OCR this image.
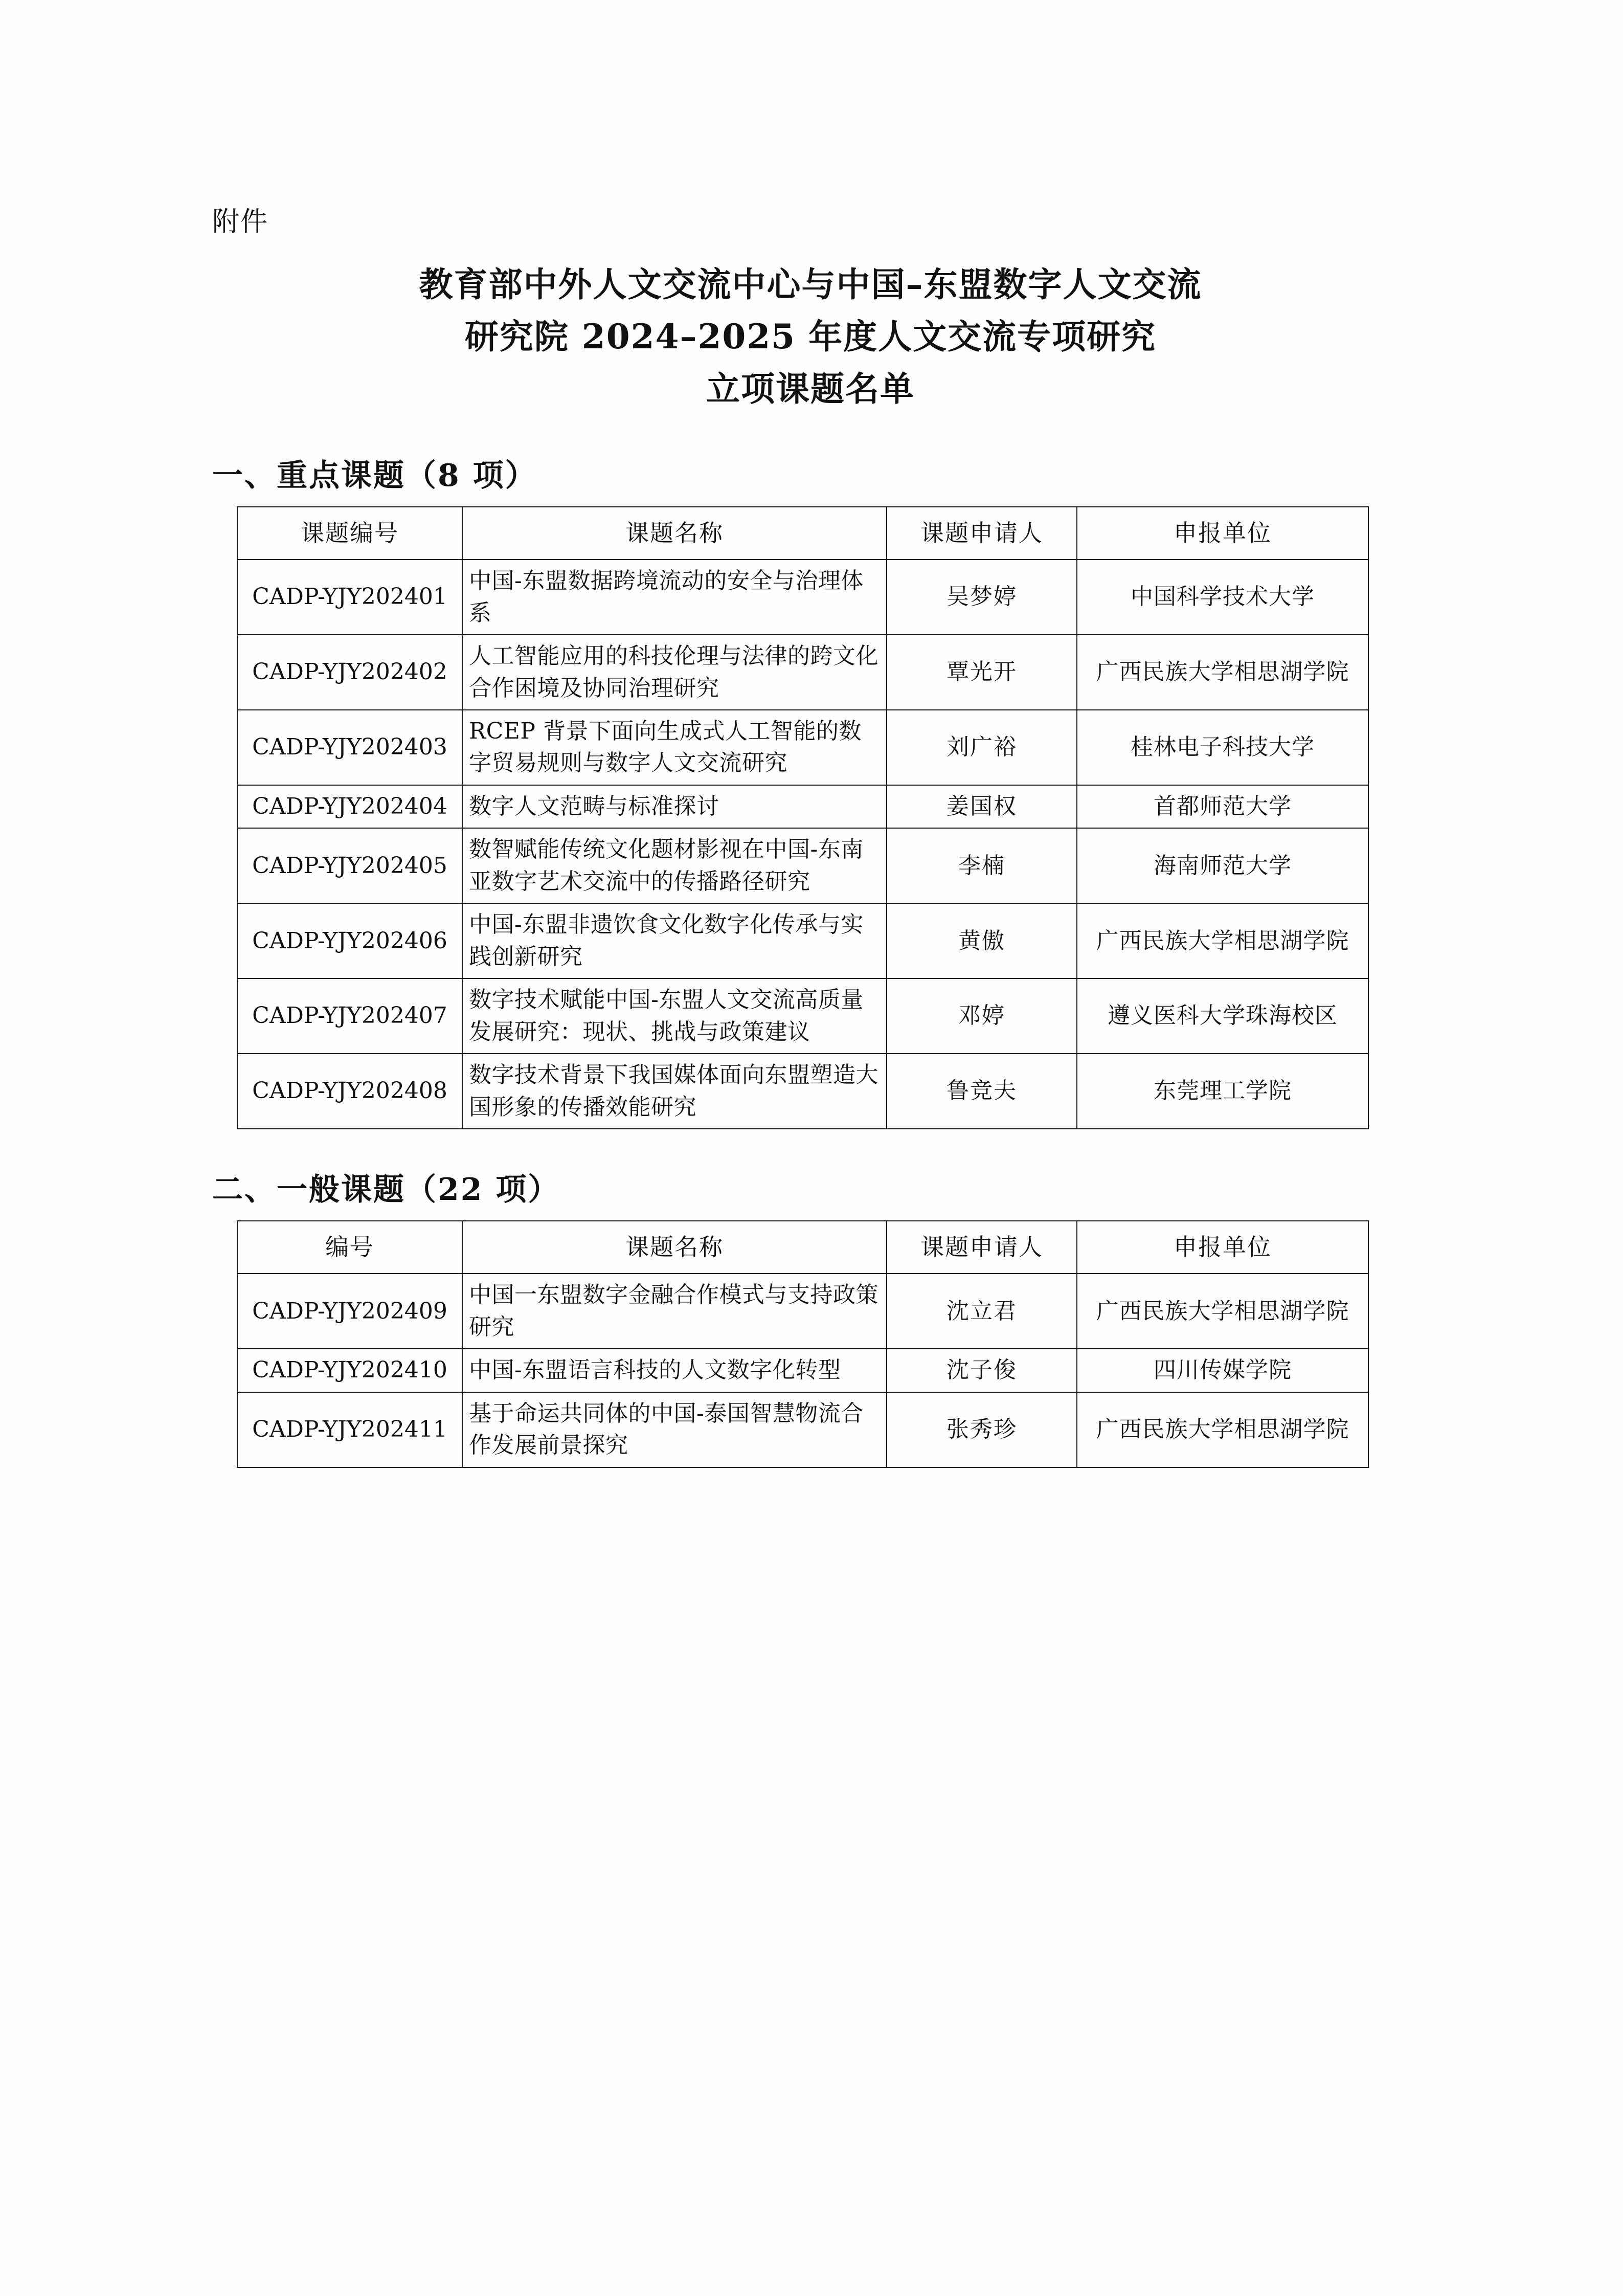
附件
教育部中外人文交流中心与中国–东盟数字人文交流
研究院 2024–2025 年度人文交流专项研究
立项课题名单
一、重点课题（8 项）
课题编号	课题名称	课题申请人	申报单位
CADP-YJY202401	中国-东盟数据跨境流动的安全与治理体系	吴梦婷	中国科学技术大学
CADP-YJY202402	人工智能应用的科技伦理与法律的跨文化合作困境及协同治理研究	覃光开	广西民族大学相思湖学院
CADP-YJY202403	RCEP 背景下面向生成式人工智能的数字贸易规则与数字人文交流研究	刘广裕	桂林电子科技大学
CADP-YJY202404	数字人文范畴与标准探讨	姜国权	首都师范大学
CADP-YJY202405	数智赋能传统文化题材影视在中国-东南亚数字艺术交流中的传播路径研究	李楠	海南师范大学
CADP-YJY202406	中国-东盟非遗饮食文化数字化传承与实践创新研究	黄傲	广西民族大学相思湖学院
CADP-YJY202407	数字技术赋能中国-东盟人文交流高质量发展研究：现状、挑战与政策建议	邓婷	遵义医科大学珠海校区
CADP-YJY202408	数字技术背景下我国媒体面向东盟塑造大国形象的传播效能研究	鲁竞夫	东莞理工学院
二、一般课题（22 项）
编号	课题名称	课题申请人	申报单位
CADP-YJY202409	中国一东盟数字金融合作模式与支持政策研究	沈立君	广西民族大学相思湖学院
CADP-YJY202410	中国-东盟语言科技的人文数字化转型	沈子俊	四川传媒学院
CADP-YJY202411	基于命运共同体的中国-泰国智慧物流合作发展前景探究	张秀珍	广西民族大学相思湖学院
